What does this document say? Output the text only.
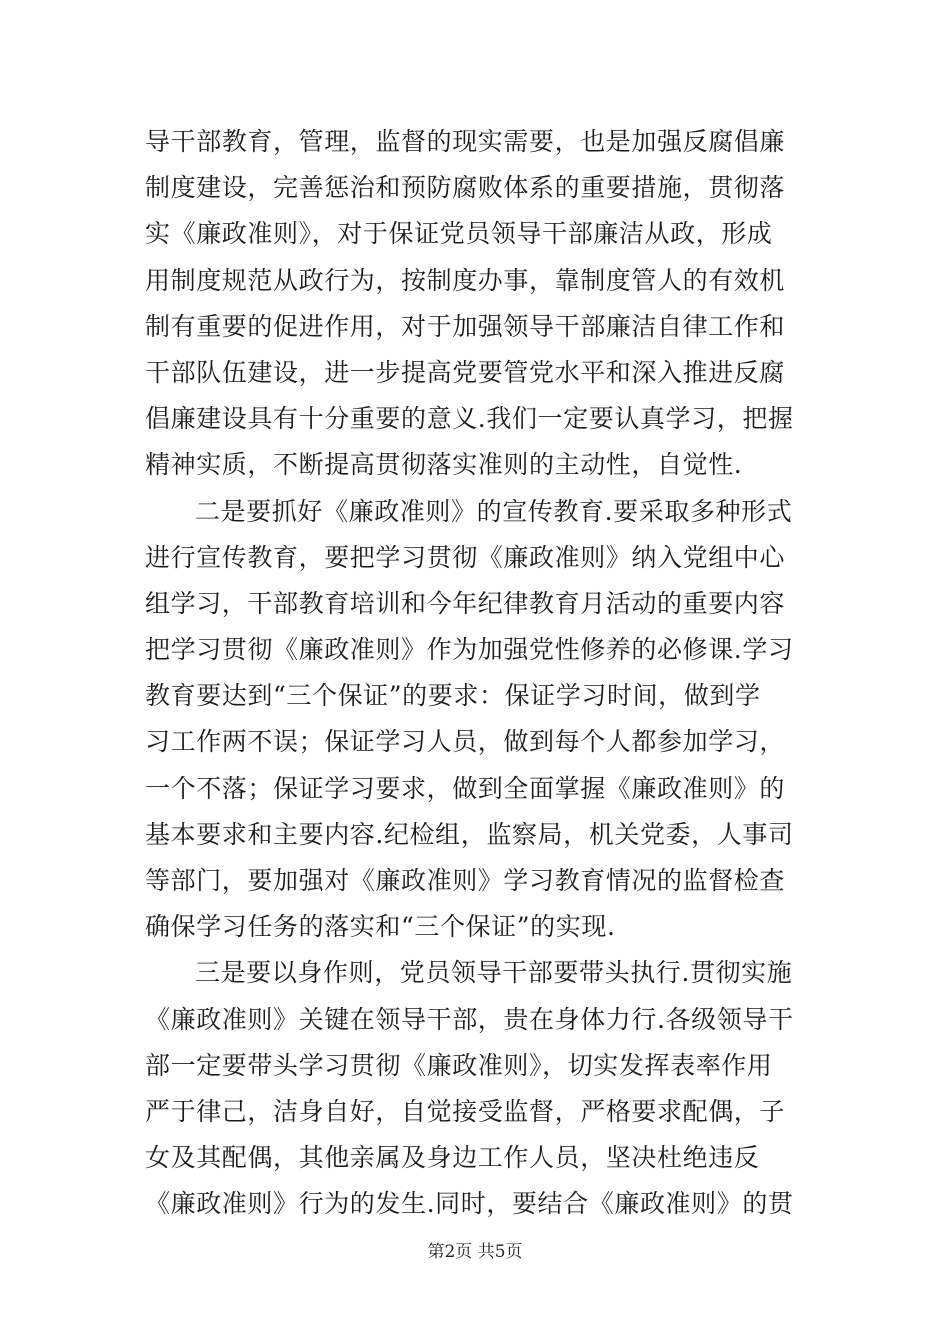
导干部教育，管理，监督的现实需要，也是加强反腐倡廉
制度建设，完善惩治和预防腐败体系的重要措施，贯彻落
实《廉政准则》，对于保证党员领导干部廉洁从政，形成
用制度规范从政行为，按制度办事，靠制度管人的有效机
制有重要的促进作用，对于加强领导干部廉洁自律工作和
干部队伍建设，进一步提高党要管党水平和深入推进反腐
倡廉建设具有十分重要的意义.我们一定要认真学习，把握
精神实质，不断提高贯彻落实准则的主动性，自觉性.
二是要抓好《廉政准则》的宣传教育.要采取多种形式
进行宣传教育，要把学习贯彻《廉政准则》纳入党组中心
组学习，干部教育培训和今年纪律教育月活动的重要内容
把学习贯彻《廉政准则》作为加强党性修养的必修课.学习
教育要达到“三个保证”的要求：保证学习时间，做到学
习工作两不误；保证学习人员，做到每个人都参加学习，
一个不落；保证学习要求，做到全面掌握《廉政准则》的
基本要求和主要内容.纪检组，监察局，机关党委，人事司
等部门，要加强对《廉政准则》学习教育情况的监督检查
确保学习任务的落实和“三个保证”的实现.
三是要以身作则，党员领导干部要带头执行.贯彻实施
《廉政准则》关键在领导干部，贵在身体力行.各级领导干
部一定要带头学习贯彻《廉政准则》，切实发挥表率作用
严于律己，洁身自好，自觉接受监督，严格要求配偶，子
女及其配偶，其他亲属及身边工作人员，坚决杜绝违反
《廉政准则》行为的发生.同时，要结合《廉政准则》的贯
第2页 共5页
